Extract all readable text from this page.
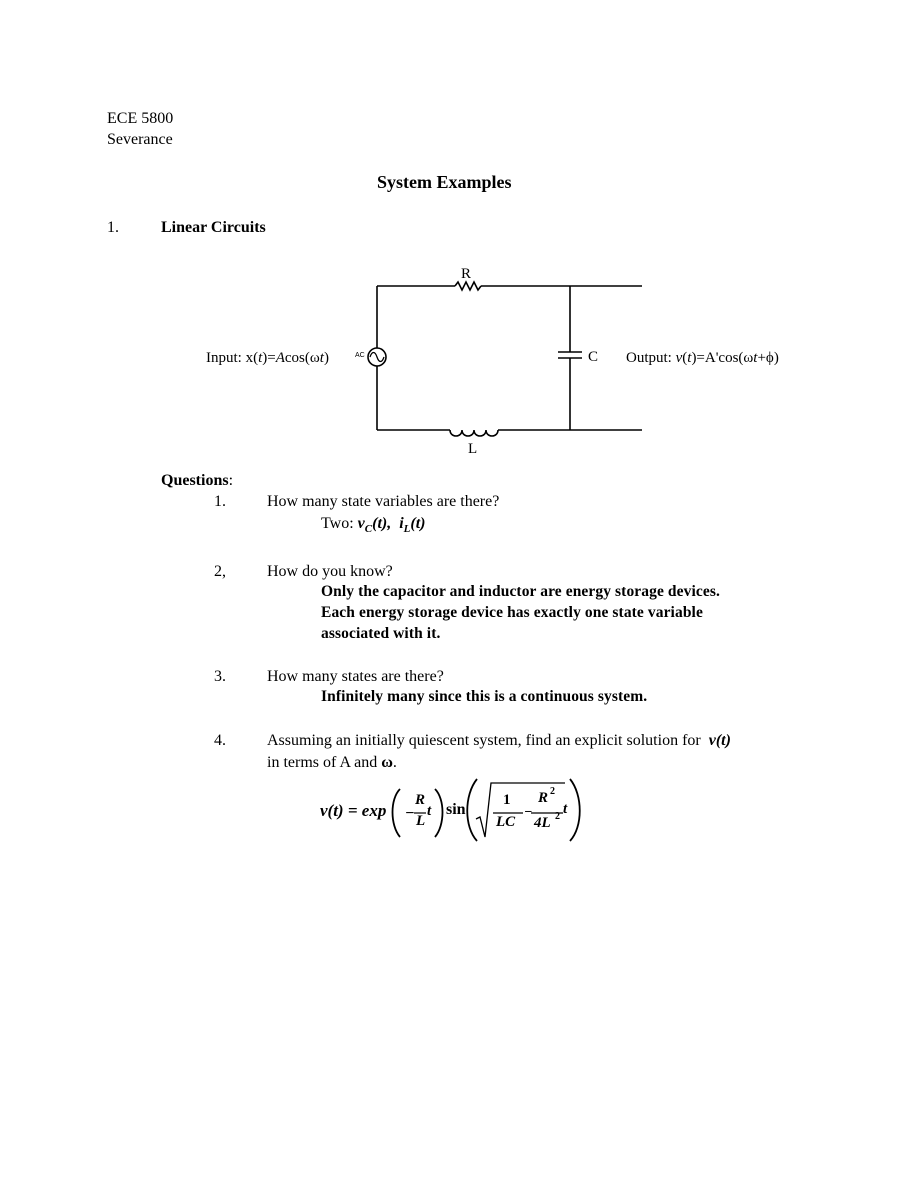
ECE 5800
Severance
System Examples
1.	Linear Circuits
R
L
C
AC
Input: x(t)=Acos(ωt)	Output: v(t)=A'cos(ωt+ϕ)
Questions:
1.	How many state variables are there?
Two: $v_C(t)$, $i_L(t)$
2,	How do you know?
Only the capacitor and inductor are energy storage devices.
Each energy storage device has exactly one state variable
associated with it.
3.	How many states are there?
Infinitely many since this is a continuous system.
4.	Assuming an initially quiescent system, find an explicit solution for v(t)
in terms of A and ω.
v(t) = exp −
R
L
t sin
1
LC
−
R 2
4L 2 t
